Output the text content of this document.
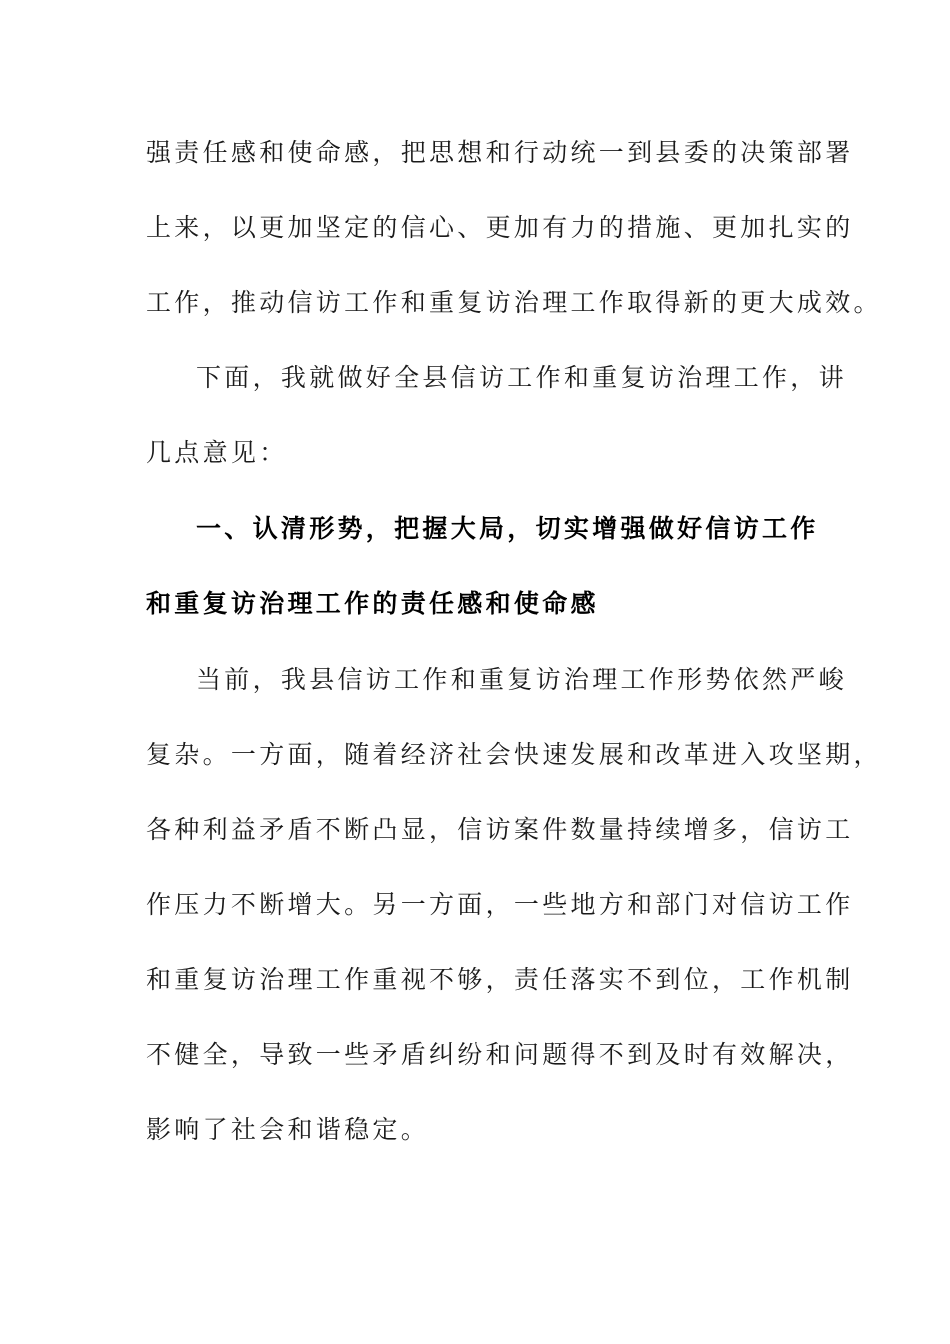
强责任感和使命感，把思想和行动统一到县委的决策部署

上来，以更加坚定的信心、更加有力的措施、更加扎实的

工作，推动信访工作和重复访治理工作取得新的更大成效。

下面，我就做好全县信访工作和重复访治理工作，讲

几点意见：

一、认清形势，把握大局，切实增强做好信访工作

和重复访治理工作的责任感和使命感

当前，我县信访工作和重复访治理工作形势依然严峻

复杂。一方面，随着经济社会快速发展和改革进入攻坚期，

各种利益矛盾不断凸显，信访案件数量持续增多，信访工

作压力不断增大。另一方面，一些地方和部门对信访工作

和重复访治理工作重视不够，责任落实不到位，工作机制

不健全，导致一些矛盾纠纷和问题得不到及时有效解决，

影响了社会和谐稳定。
